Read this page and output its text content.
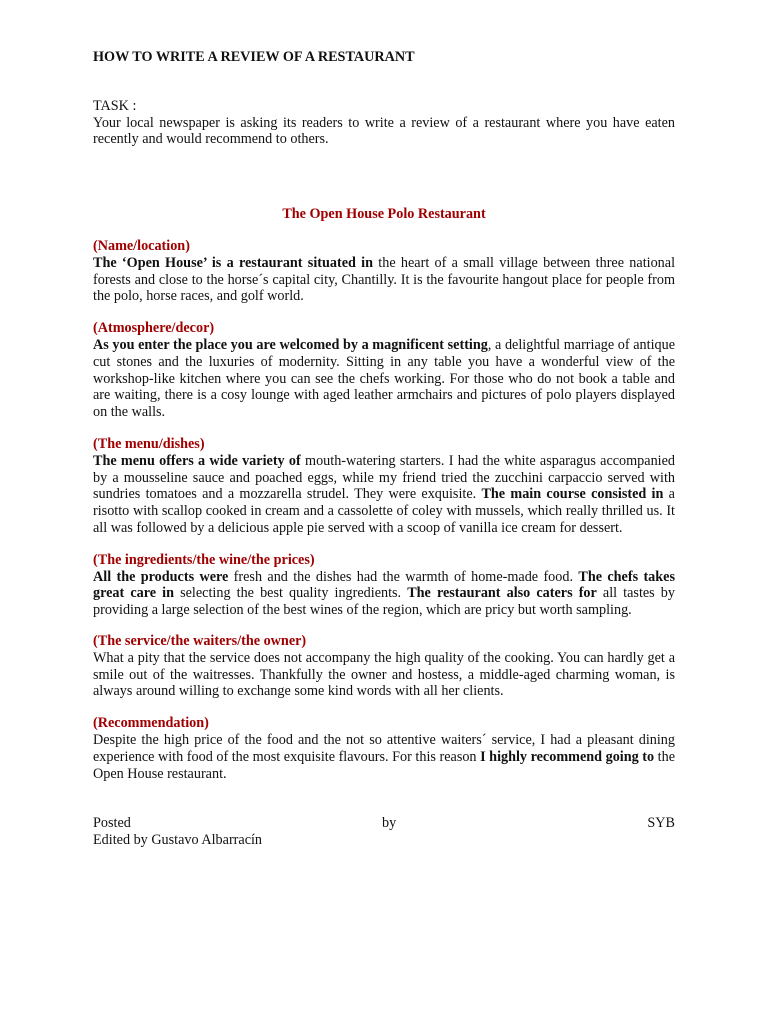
HOW TO WRITE A REVIEW OF A RESTAURANT
TASK :
Your local newspaper is asking its readers to write a review of a restaurant where you have eaten recently and would recommend to others.
The Open House Polo Restaurant
(Name/location)

The ‘Open House’ is a restaurant situated in the heart of a small village between three national forests and close to the horse´s capital city, Chantilly. It is the favourite hangout place for people from the polo, horse races, and golf world.

(Atmosphere/decor)

As you enter the place you are welcomed by a magnificent setting, a delightful marriage of antique cut stones and the luxuries of modernity. Sitting in any table you have a wonderful view of the workshop-like kitchen where you can see the chefs working. For those who do not book a table and are waiting, there is a cosy lounge with aged leather armchairs and pictures of polo players displayed on the walls.

(The menu/dishes)

The menu offers a wide variety of mouth-watering starters. I had the white asparagus accompanied by a mousseline sauce and poached eggs, while my friend tried the zucchini carpaccio served with sundries tomatoes and a mozzarella strudel. They were exquisite. The main course consisted in a risotto with scallop cooked in cream and a cassolette of coley with mussels, which really thrilled us. It all was followed by a delicious apple pie served with a scoop of vanilla ice cream for dessert.

(The ingredients/the wine/the prices)

All the products were fresh and the dishes had the warmth of home-made food. The chefs takes great care in selecting the best quality ingredients. The restaurant also caters for all tastes by providing a large selection of the best wines of the region, which are pricy but worth sampling.

(The service/the waiters/the owner)

What a pity that the service does not accompany the high quality of the cooking. You can hardly get a smile out of the waitresses. Thankfully the owner and hostess, a middle-aged charming woman, is always around willing to exchange some kind words with all her clients.

(Recommendation)

Despite the high price of the food and the not so attentive waiters´ service, I had a pleasant dining experience with food of the most exquisite flavours. For this reason I highly recommend going to the Open House restaurant.

Posted	by	SYB
Edited by Gustavo Albarracín
